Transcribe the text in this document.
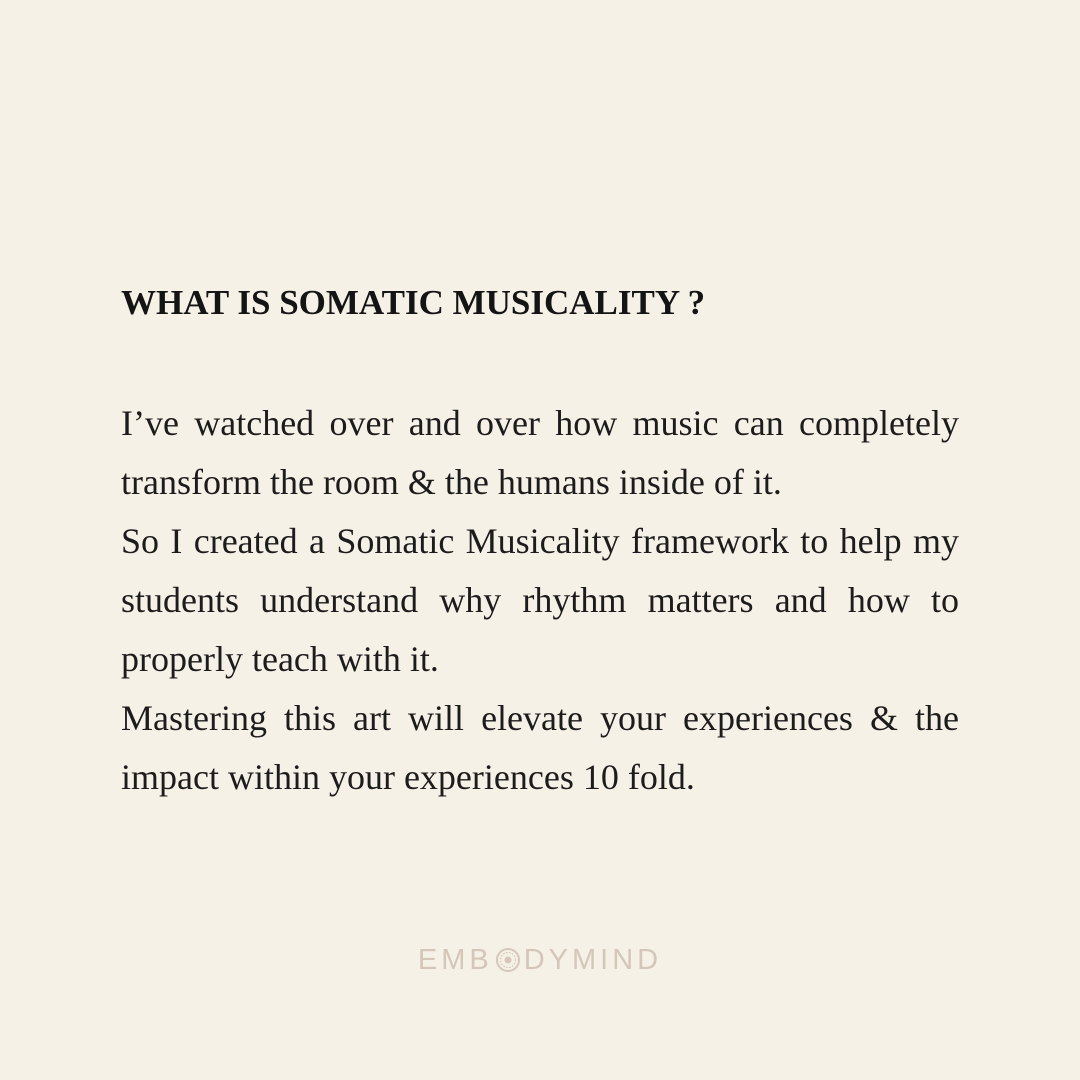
WHAT IS SOMATIC MUSICALITY ?

I’ve watched over and over how music can completely transform the room & the humans inside of it.

So I created a Somatic Musicality framework to help my students understand why rhythm matters and how to properly teach with it.

Mastering this art will elevate your experiences & the impact within your experiences 10 fold.

EMB DYMIND
